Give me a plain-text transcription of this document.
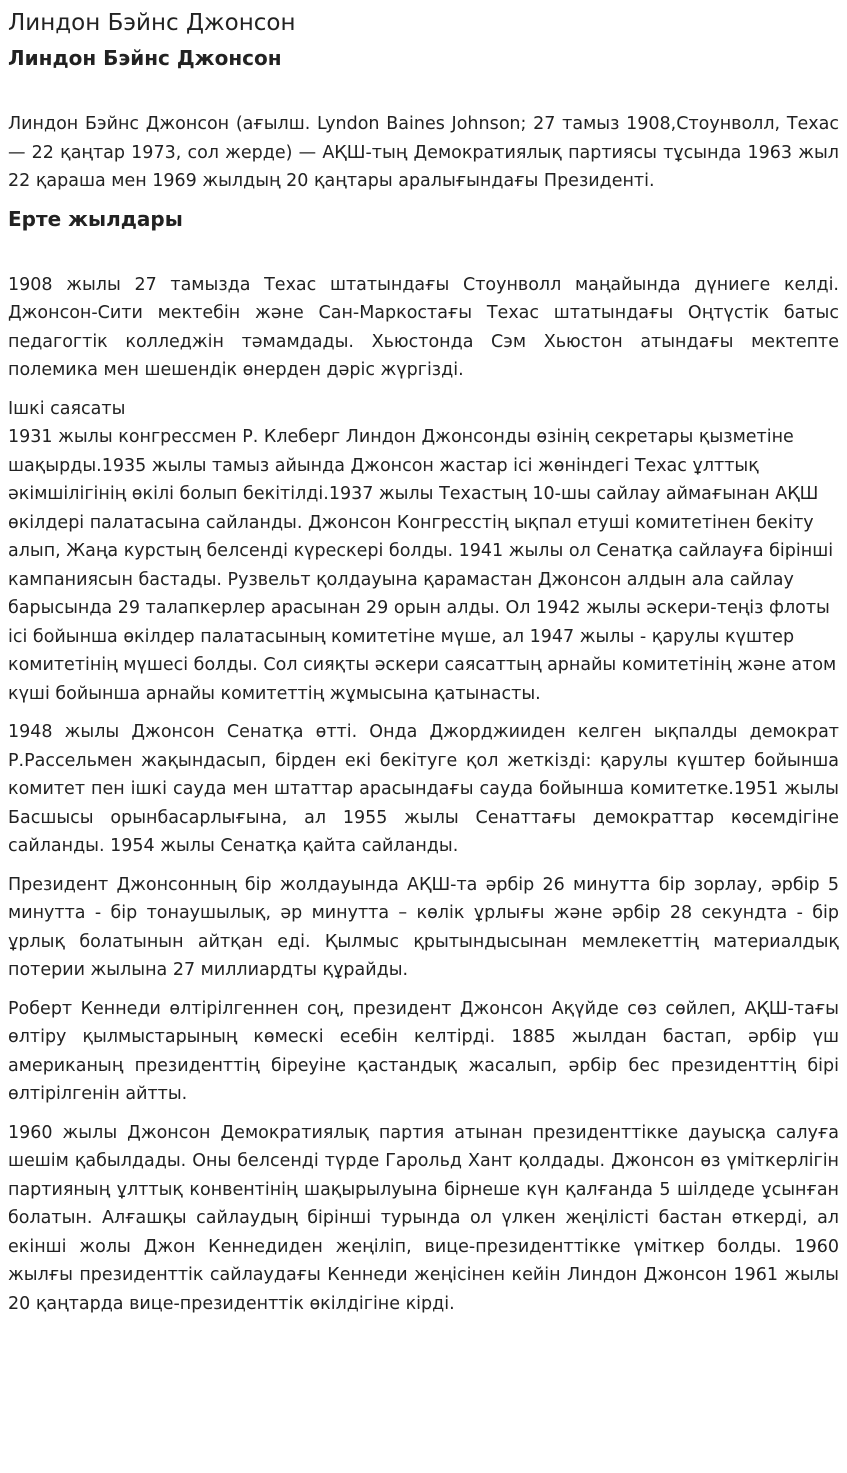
Линдон Бэйнс Джонсон
Линдон Бэйнс Джонсон

Линдон Бэйнс Джонсон (ағылш. Lyndon Baines Johnson; 27 тамыз 1908,Стоунволл, Техас — 22 қаңтар 1973, сол жерде) — АҚШ-тың Демократиялық партиясы тұсында 1963 жыл 22 қараша мен 1969 жылдың 20 қаңтары аралығындағы Президенті.

Ерте жылдары

1908 жылы 27 тамызда Техас штатындағы Стоунволл маңайында дүниеге келді. Джонсон-Сити мектебін және Сан-Маркостағы Техас штатындағы Оңтүстік батыс педагогтік колледжін тәмамдады. Хьюстонда Сэм Хьюстон атындағы мектепте полемика мен шешендік өнерден дәріс жүргізді.

Ішкі саясаты

1931 жылы конгрессмен Р. Клеберг Линдон Джонсонды өзінің секретары қызметіне шақырды.1935 жылы тамыз айында Джонсон жастар ісі жөніндегі Техас ұлттық әкімшілігінің өкілі болып бекітілді.1937 жылы Техастың 10-шы сайлау аймағынан АҚШ өкілдері палатасына сайланды. Джонсон Конгресстің ықпал етуші комитетінен бекіту алып, Жаңа курстың белсенді күрескері болды. 1941 жылы ол Сенатқа сайлауға бірінші кампаниясын бастады. Рузвельт қолдауына қарамастан Джонсон алдын ала сайлау барысында 29 талапкерлер арасынан 29 орын алды. Ол 1942 жылы әскери-теңіз флоты ісі бойынша өкілдер палатасының комитетіне мүше, ал 1947 жылы - қарулы күштер комитетінің мүшесі болды. Сол сияқты әскери саясаттың арнайы комитетінің және атом күші бойынша арнайы комитеттің жұмысына қатынасты.

1948 жылы Джонсон Сенатқа өтті. Онда Джорджииден келген ықпалды демократ Р.Рассельмен жақындасып, бірден екі бекітуге қол жеткізді: қарулы күштер бойынша комитет пен ішкі сауда мен штаттар арасындағы сауда бойынша комитетке.1951 жылы Басшысы орынбасарлығына, ал 1955 жылы Сенаттағы демократтар көсемдігіне сайланды. 1954 жылы Сенатқа қайта сайланды.

Президент Джонсонның бір жолдауында АҚШ-та әрбір 26 минутта бір зорлау, әрбір 5 минутта - бір тонаушылық, әр минутта – көлік ұрлығы және әрбір 28 секундта - бір ұрлық болатынын айтқан еді. Қылмыс қрытындысынан мемлекеттің материалдық потерии жылына 27 миллиардты құрайды.

Роберт Кеннеди өлтірілгеннен соң, президент Джонсон Ақүйде сөз сөйлеп, АҚШ-тағы өлтіру қылмыстарының көмескі есебін келтірді. 1885 жылдан бастап, әрбір үш американың президенттің біреуіне қастандық жасалып, әрбір бес президенттің бірі өлтірілгенін айтты.

1960 жылы Джонсон Демократиялық партия атынан президенттікке дауысқа салуға шешім қабылдады. Оны белсенді түрде Гарольд Хант қолдады. Джонсон өз үміткерлігін партияның ұлттық конвентінің шақырылуына бірнеше күн қалғанда 5 шілдеде ұсынған болатын. Алғашқы сайлаудың бірінші турында ол үлкен жеңілісті бастан өткерді, ал екінші жолы Джон Кеннедиден жеңіліп, вице-президенттікке үміткер болды. 1960 жылғы президенттік сайлаудағы Кеннеди жеңісінен кейін Линдон Джонсон 1961 жылы 20 қаңтарда вице-президенттік өкілдігіне кірді.
